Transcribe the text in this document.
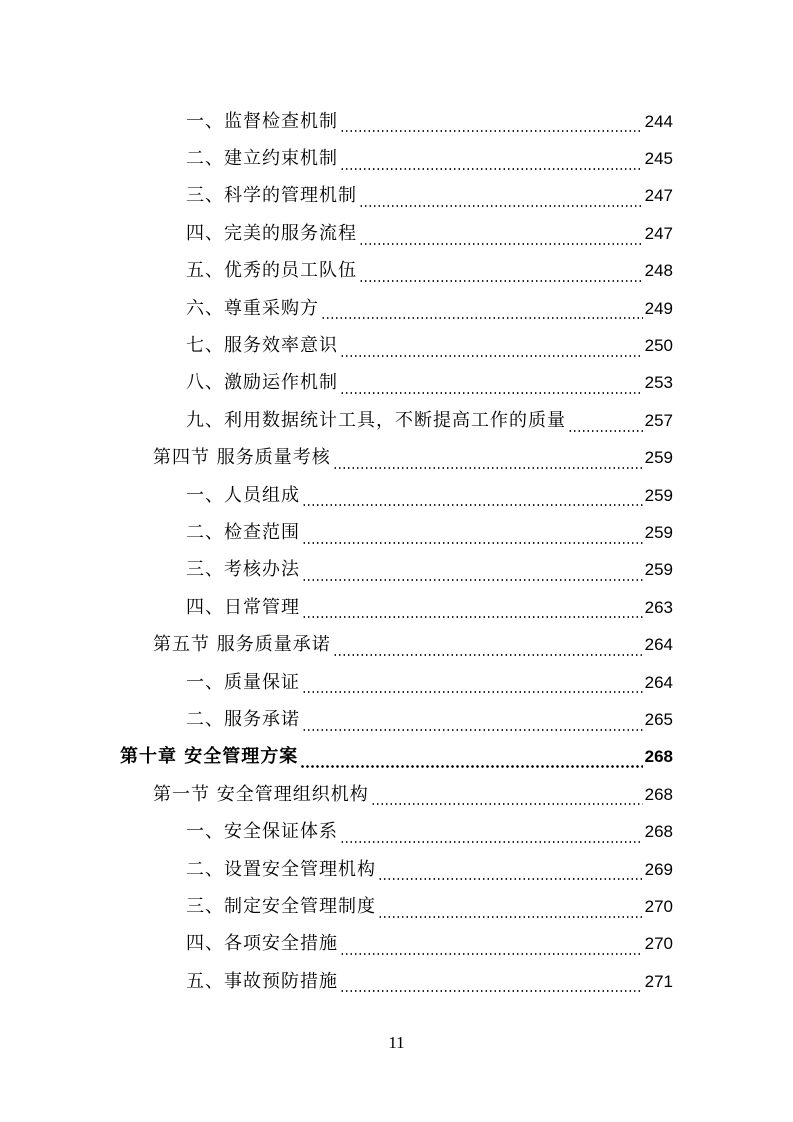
一、监督检查机制	244
二、建立约束机制	245
三、科学的管理机制	247
四、完美的服务流程	247
五、优秀的员工队伍	248
六、尊重采购方	249
七、服务效率意识	250
八、激励运作机制	253
九、利用数据统计工具，不断提高工作的质量	257
第四节 服务质量考核	259
一、人员组成	259
二、检查范围	259
三、考核办法	259
四、日常管理	263
第五节 服务质量承诺	264
一、质量保证	264
二、服务承诺	265
第十章 安全管理方案	268
第一节 安全管理组织机构	268
一、安全保证体系	268
二、设置安全管理机构	269
三、制定安全管理制度	270
四、各项安全措施	270
五、事故预防措施	271
11
